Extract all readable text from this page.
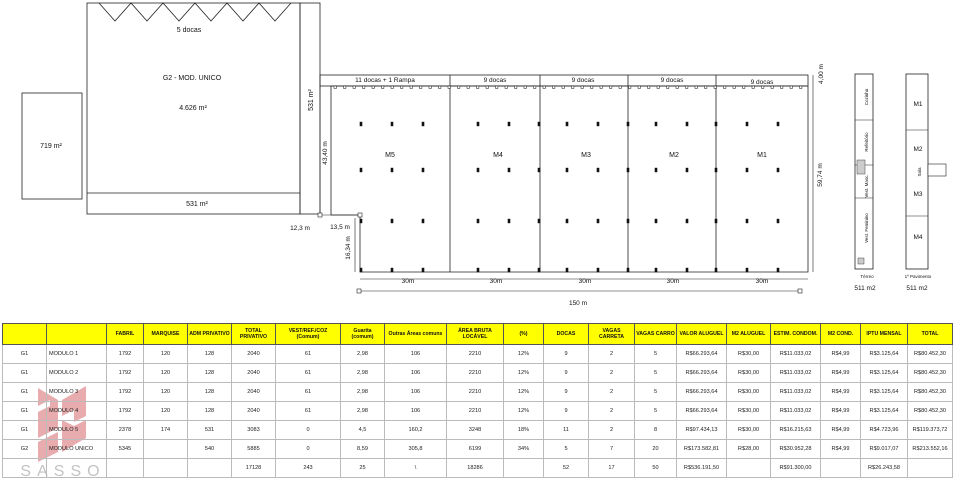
5 docas
G2 - MOD. UNICO
4.626 m²
531 m²
719 m²
531 m²
11 docas + 1 Rampa	9 docas	9 docas	9 docas	9 docas
M5	M4	M3	M2	M1
43,40 m
12,3 m	13,5 m
16,34 m
30m	30m	30m	30m	30m
150 m
4,00 m
59,74 m
Cozinha
Refeitório
Vest. Masc.
Vest. Feminino
Térreo
511 m2
M1
M2
Sala
M3
M4
1º Pavimento
511 m2
SASSO
		FABRIL	MARQUISE	ADM PRIVATIVO	TOTAL PRIVATIVO	VEST/REF./COZ (Comum)	Guarita (comum)	Outras Áreas comuns	ÁREA BRUTA LOCÁVEL	(%)	DOCAS	VAGAS CARRETA	VAGAS CARRO	VALOR ALUGUEL	M2 ALUGUEL	ESTIM. CONDOM.	M2 COND.	IPTU MENSAL	TOTAL
G1	MODULO 1	1792	120	128	2040	61	2,98	106	2210	12%	9	2	5	R$66.293,64	R$30,00	R$11.033,02	R$4,99	R$3.125,64	R$80.452,30
G1	MODULO 2	1792	120	128	2040	61	2,98	106	2210	12%	9	2	5	R$66.293,64	R$30,00	R$11.033,02	R$4,99	R$3.125,64	R$80.452,30
G1	MODULO 3	1792	120	128	2040	61	2,98	106	2210	12%	9	2	5	R$66.293,64	R$30,00	R$11.033,02	R$4,99	R$3.125,64	R$80.452,30
G1	MODULO 4	1792	120	128	2040	61	2,98	106	2210	12%	9	2	5	R$66.293,64	R$30,00	R$11.033,02	R$4,99	R$3.125,64	R$80.452,30
G1	MODULO 5	2378	174	531	3083	0	4,5	160,2	3248	18%	11	2	8	R$97.434,13	R$30,00	R$16.215,63	R$4,99	R$4.723,96	R$119.373,72
G2	MODULO UNICO	5345		540	5885	0	8,59	305,8	6199	34%	5	7	20	R$173.582,81	R$28,00	R$30.952,28	R$4,99	R$9.017,07	R$213.552,16
					17128	243	25	\	18286		52	17	50	R$536.191,50		R$91.300,00		R$26.243,58	
